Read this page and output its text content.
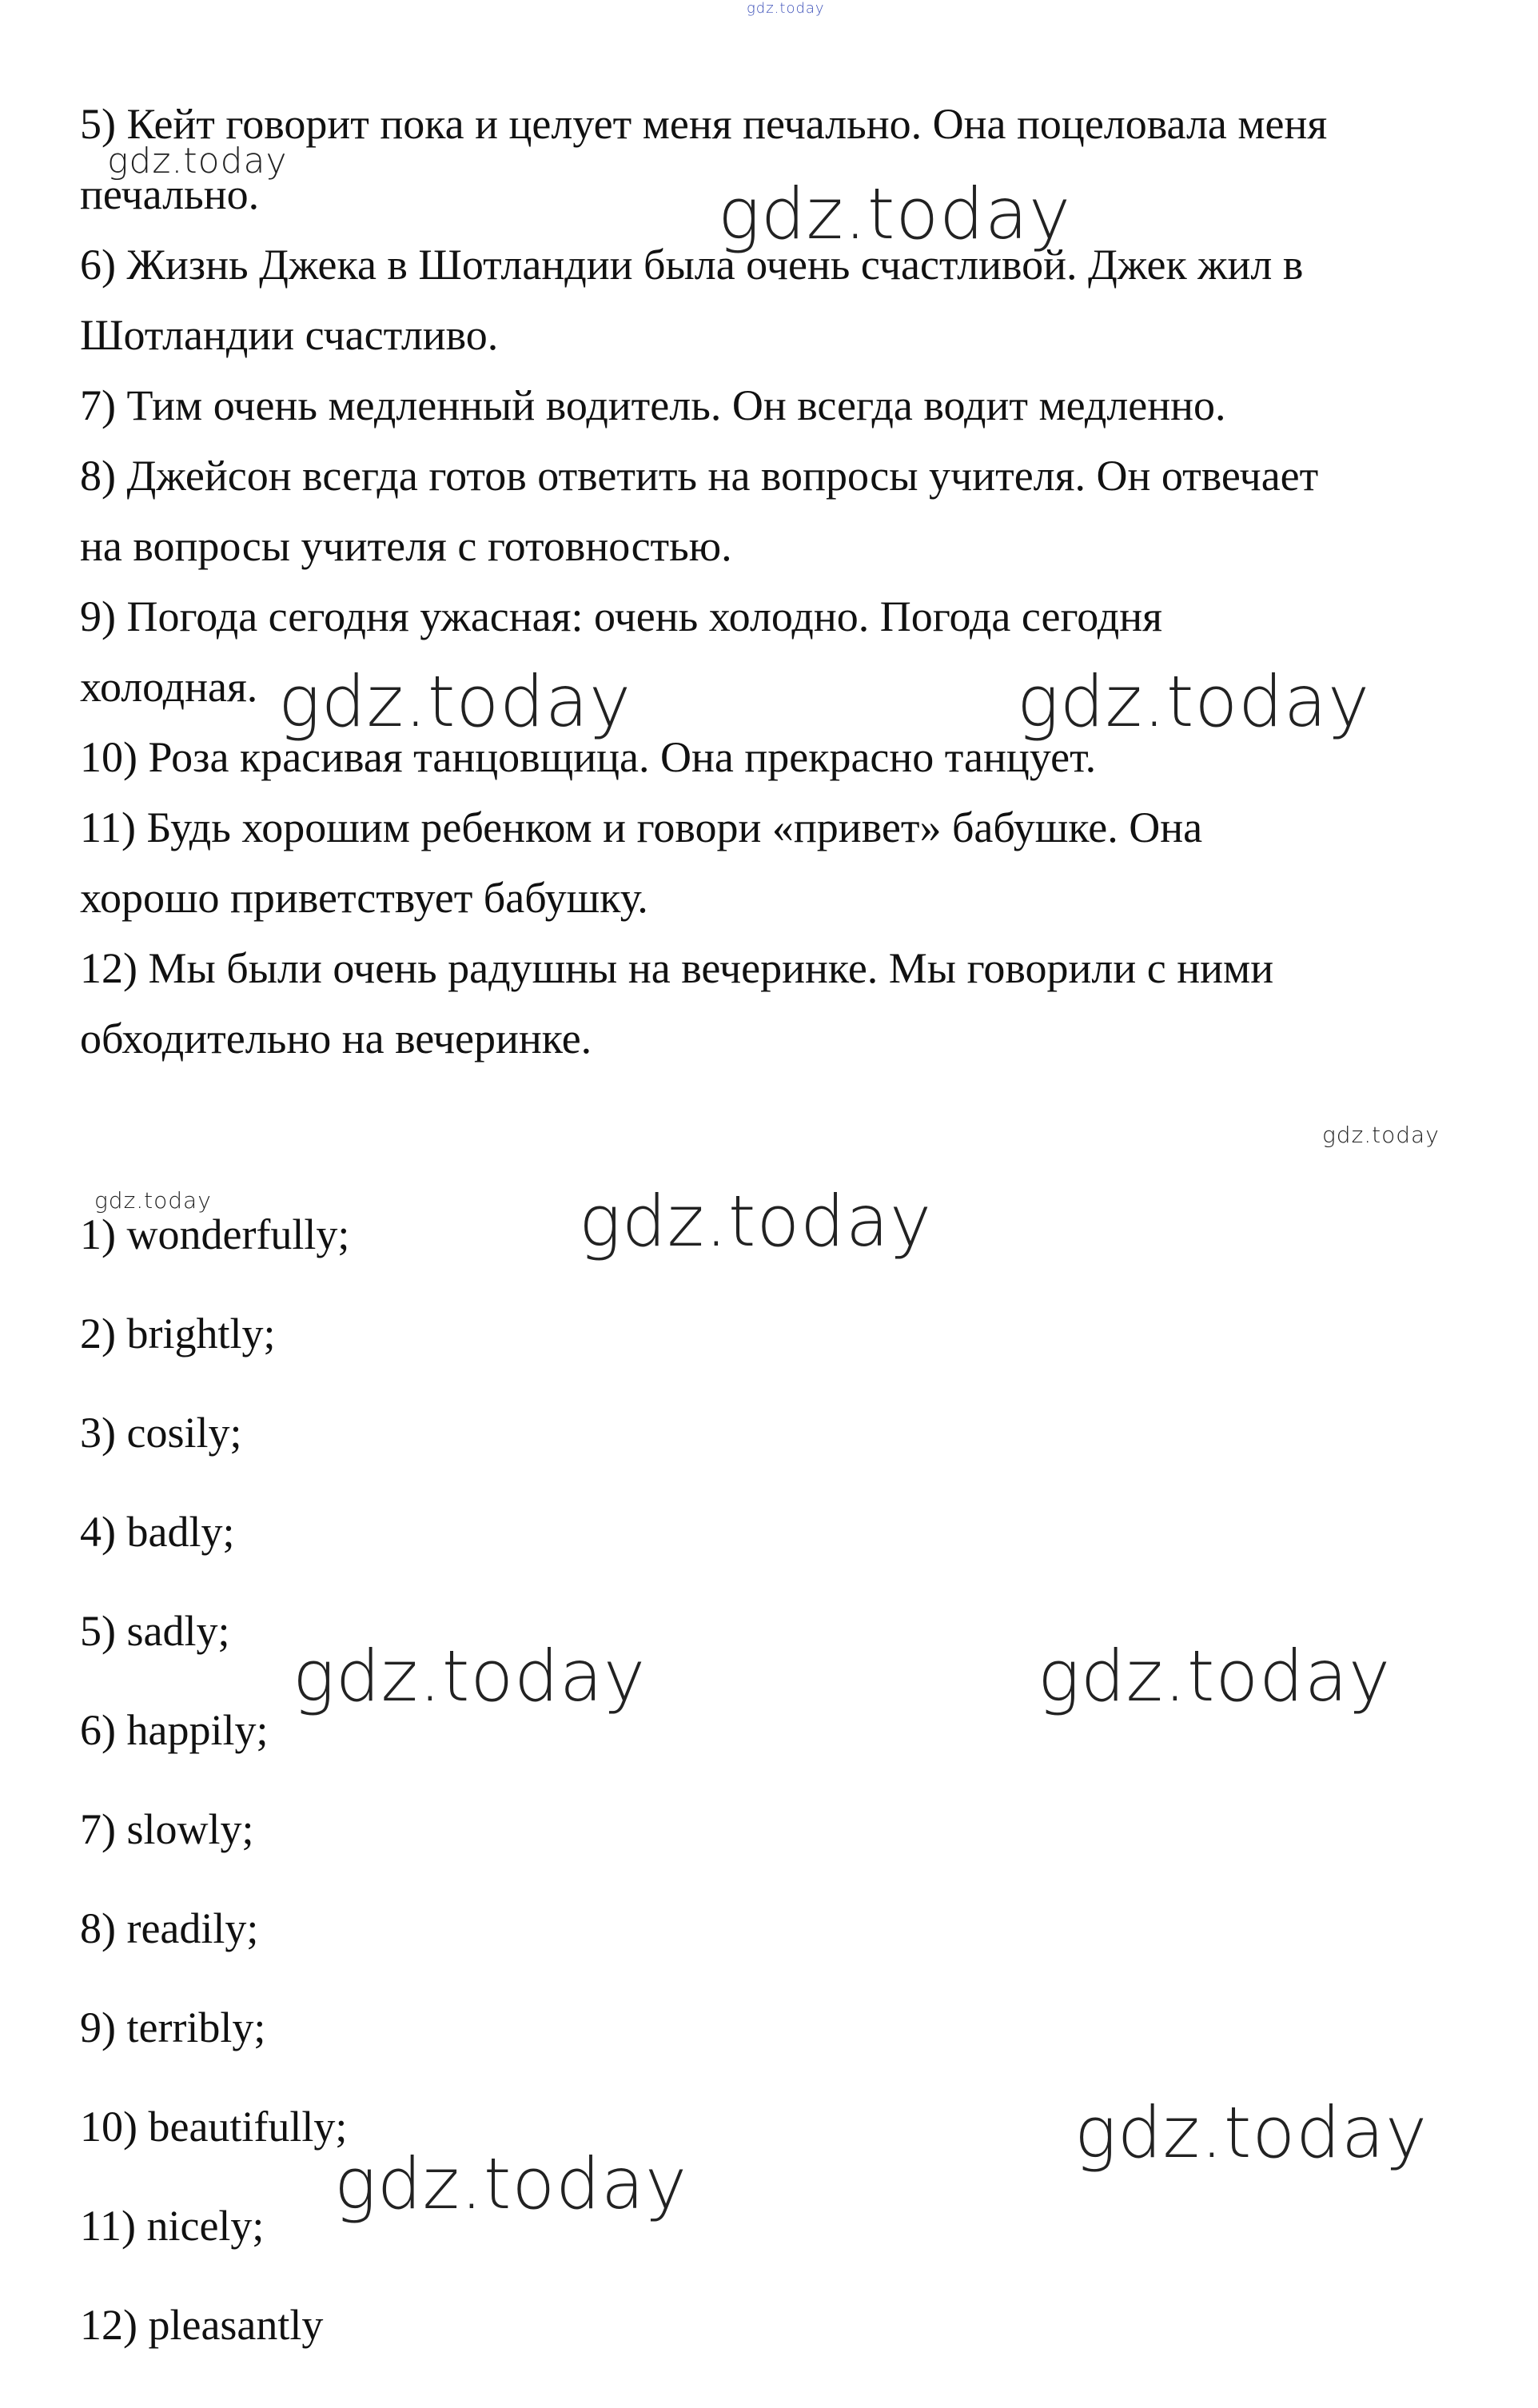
gdz.today

5) Кейт говорит пока и целует меня печально. Она поцеловала меня

печально.

6) Жизнь Джека в Шотландии была очень счастливой. Джек жил в

Шотландии счастливо.

7) Тим очень медленный водитель. Он всегда водит медленно.

8) Джейсон всегда готов ответить на вопросы учителя. Он отвечает

на вопросы учителя с готовностью.

9) Погода сегодня ужасная: очень холодно. Погода сегодня

холодная.

10) Роза красивая танцовщица. Она прекрасно танцует.

11) Будь хорошим ребенком и говори «привет» бабушке. Она

хорошо приветствует бабушку.

12) Мы были очень радушны на вечеринке. Мы говорили с ними

обходительно на вечеринке.

1) wonderfully;

2) brightly;

3) cosily;

4) badly;

5) sadly;

6) happily;

7) slowly;

8) readily;

9) terribly;

10) beautifully;

11) nicely;

12) pleasantly

gdz.today
gdz.today
gdz.today	gdz.today
gdz.today
gdz.today	gdz.today
gdz.today	gdz.today
gdz.today
gdz.today
